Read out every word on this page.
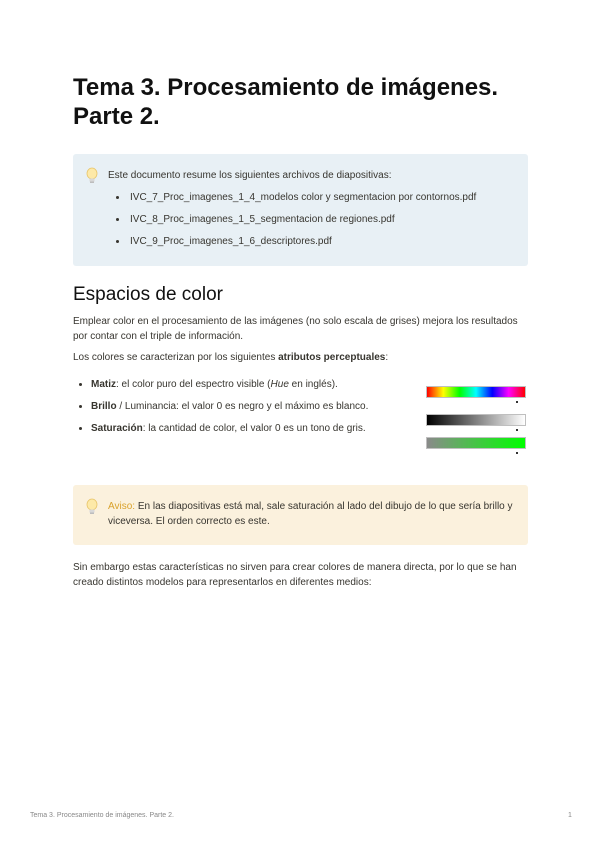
Tema 3. Procesamiento de imágenes. Parte 2.
Este documento resume los siguientes archivos de diapositivas:
• IVC_7_Proc_imagenes_1_4_modelos color y segmentacion por contornos.pdf
• IVC_8_Proc_imagenes_1_5_segmentacion de regiones.pdf
• IVC_9_Proc_imagenes_1_6_descriptores.pdf
Espacios de color

Emplear color en el procesamiento de las imágenes (no solo escala de grises) mejora los resultados por contar con el triple de información.

Los colores se caracterizan por los siguientes atributos perceptuales:

• Matiz: el color puro del espectro visible (Hue en inglés).
• Brillo / Luminancia: el valor 0 es negro y el máximo es blanco.
• Saturación: la cantidad de color, el valor 0 es un tono de gris.
Aviso: En las diapositivas está mal, sale saturación al lado del dibujo de lo que sería brillo y viceversa. El orden correcto es este.

Sin embargo estas características no sirven para crear colores de manera directa, por lo que se han creado distintos modelos para representarlos en diferentes medios:

Tema 3. Procesamiento de imágenes. Parte 2.	1
